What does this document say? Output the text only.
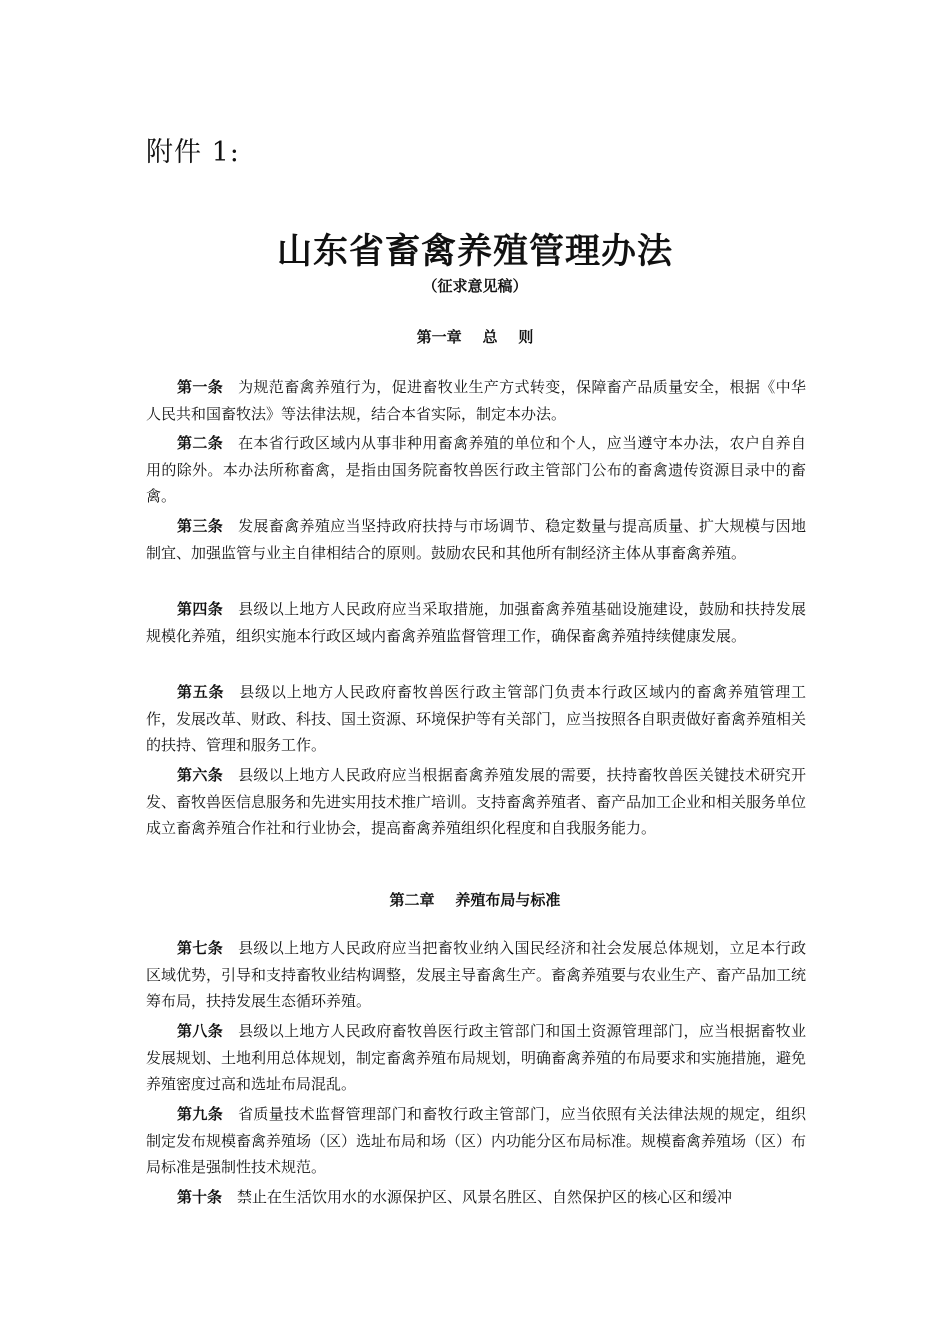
附件 1:
山东省畜禽养殖管理办法
（征求意见稿）
第一章    总    则
第一条 为规范畜禽养殖行为，促进畜牧业生产方式转变，保障畜产品质量安全，根据《中华人民共和国畜牧法》等法律法规，结合本省实际，制定本办法。
第二条 在本省行政区域内从事非种用畜禽养殖的单位和个人，应当遵守本办法，农户自养自用的除外。本办法所称畜禽，是指由国务院畜牧兽医行政主管部门公布的畜禽遗传资源目录中的畜禽。
第三条 发展畜禽养殖应当坚持政府扶持与市场调节、稳定数量与提高质量、扩大规模与因地制宜、加强监管与业主自律相结合的原则。鼓励农民和其他所有制经济主体从事畜禽养殖。
第四条 县级以上地方人民政府应当采取措施，加强畜禽养殖基础设施建设，鼓励和扶持发展规模化养殖，组织实施本行政区域内畜禽养殖监督管理工作，确保畜禽养殖持续健康发展。
第五条 县级以上地方人民政府畜牧兽医行政主管部门负责本行政区域内的畜禽养殖管理工作，发展改革、财政、科技、国土资源、环境保护等有关部门，应当按照各自职责做好畜禽养殖相关的扶持、管理和服务工作。
第六条 县级以上地方人民政府应当根据畜禽养殖发展的需要，扶持畜牧兽医关键技术研究开发、畜牧兽医信息服务和先进实用技术推广培训。支持畜禽养殖者、畜产品加工企业和相关服务单位成立畜禽养殖合作社和行业协会，提高畜禽养殖组织化程度和自我服务能力。
第二章    养殖布局与标准
第七条 县级以上地方人民政府应当把畜牧业纳入国民经济和社会发展总体规划，立足本行政区域优势，引导和支持畜牧业结构调整，发展主导畜禽生产。畜禽养殖要与农业生产、畜产品加工统筹布局，扶持发展生态循环养殖。
第八条 县级以上地方人民政府畜牧兽医行政主管部门和国土资源管理部门，应当根据畜牧业发展规划、土地利用总体规划，制定畜禽养殖布局规划，明确畜禽养殖的布局要求和实施措施，避免养殖密度过高和选址布局混乱。
第九条 省质量技术监督管理部门和畜牧行政主管部门，应当依照有关法律法规的规定，组织制定发布规模畜禽养殖场（区）选址布局和场（区）内功能分区布局标准。规模畜禽养殖场（区）布局标准是强制性技术规范。
第十条 禁止在生活饮用水的水源保护区、风景名胜区、自然保护区的核心区和缓冲
